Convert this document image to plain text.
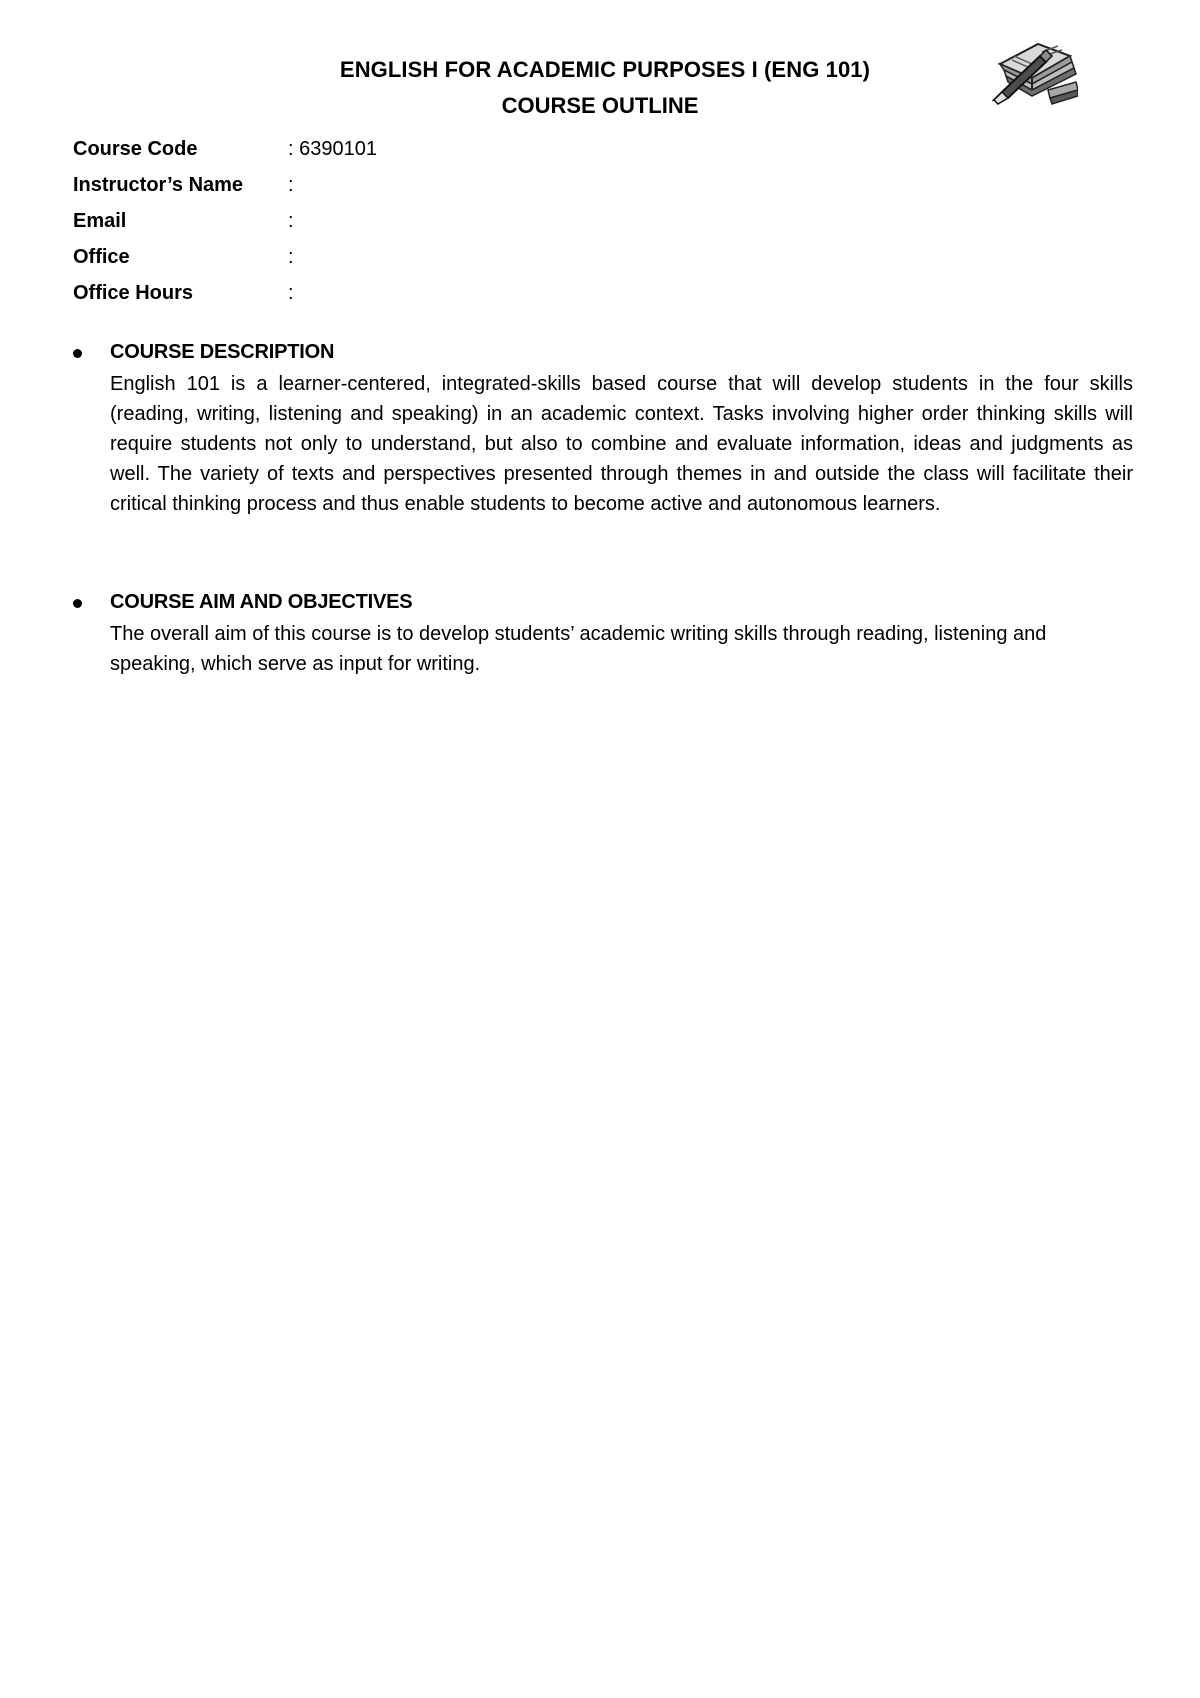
ENGLISH FOR ACADEMIC PURPOSES I (ENG 101)
COURSE OUTLINE
Course Code	: 6390101
Instructor’s Name	:
Email	:
Office	:
Office Hours	:
COURSE DESCRIPTION
English 101 is a learner-centered, integrated-skills based course that will develop students in the four skills (reading, writing, listening and speaking) in an academic context. Tasks involving higher order thinking skills will require students not only to understand, but also to combine and evaluate information, ideas and judgments as well. The variety of texts and perspectives presented through themes in and outside the class will facilitate their critical thinking process and thus enable students to become active and autonomous learners.
COURSE AIM AND OBJECTIVES
The overall aim of this course is to develop students’ academic writing skills through reading, listening and speaking, which serve as input for writing.
